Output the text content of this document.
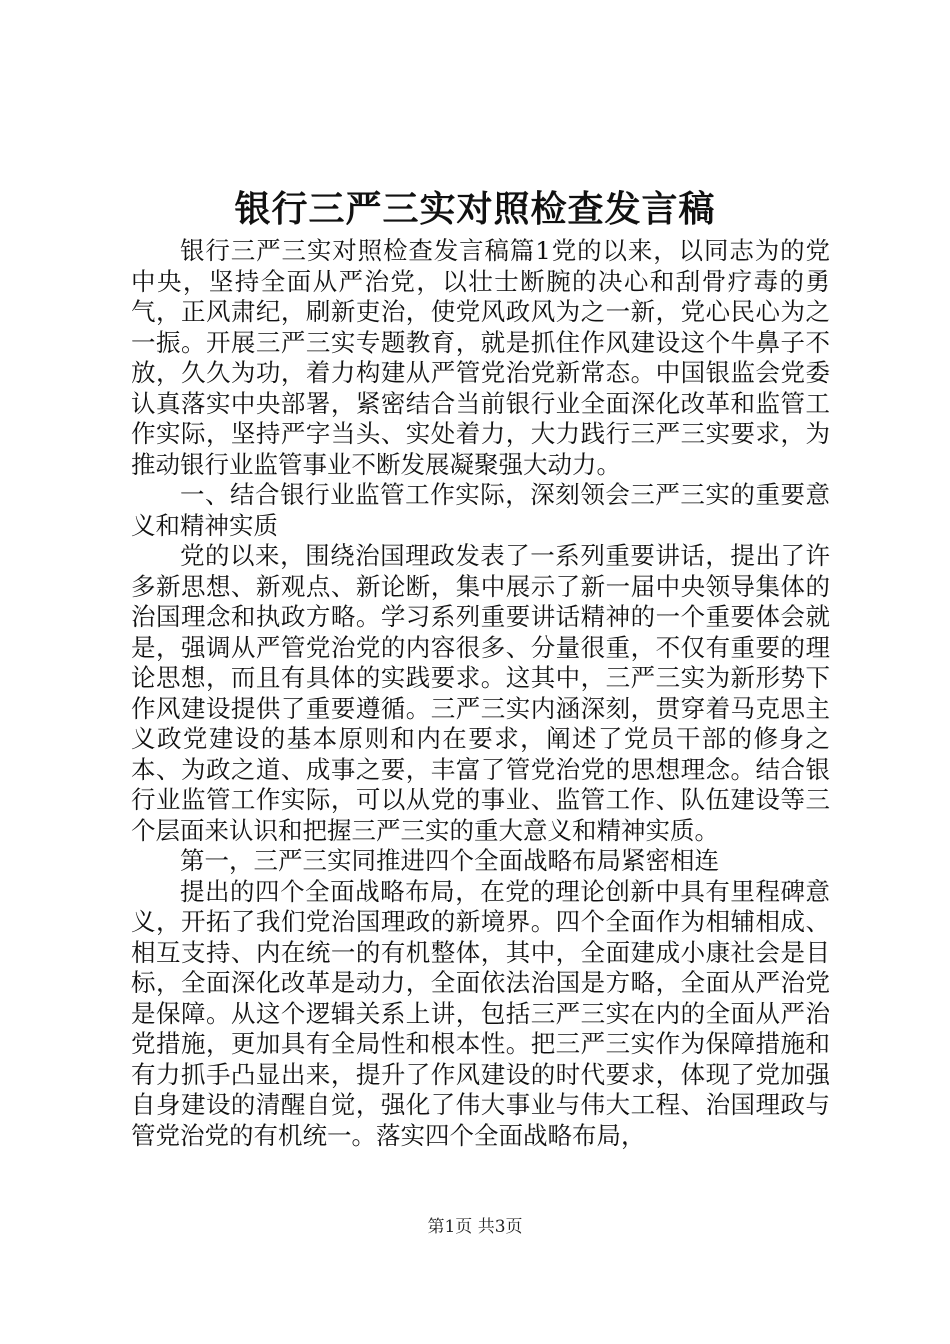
银行三严三实对照检查发言稿

银行三严三实对照检查发言稿篇1党的以来，以同志为的党中央，坚持全面从严治党，以壮士断腕的决心和刮骨疗毒的勇气，正风肃纪，刷新吏治，使党风政风为之一新，党心民心为之一振。开展三严三实专题教育，就是抓住作风建设这个牛鼻子不放，久久为功，着力构建从严管党治党新常态。中国银监会党委认真落实中央部署，紧密结合当前银行业全面深化改革和监管工作实际，坚持严字当头、实处着力，大力践行三严三实要求，为推动银行业监管事业不断发展凝聚强大动力。

一、结合银行业监管工作实际，深刻领会三严三实的重要意义和精神实质

党的以来，围绕治国理政发表了一系列重要讲话，提出了许多新思想、新观点、新论断，集中展示了新一届中央领导集体的治国理念和执政方略。学习系列重要讲话精神的一个重要体会就是，强调从严管党治党的内容很多、分量很重，不仅有重要的理论思想，而且有具体的实践要求。这其中，三严三实为新形势下作风建设提供了重要遵循。三严三实内涵深刻，贯穿着马克思主义政党建设的基本原则和内在要求，阐述了党员干部的修身之本、为政之道、成事之要，丰富了管党治党的思想理念。结合银行业监管工作实际，可以从党的事业、监管工作、队伍建设等三个层面来认识和把握三严三实的重大意义和精神实质。

第一，三严三实同推进四个全面战略布局紧密相连

提出的四个全面战略布局，在党的理论创新中具有里程碑意义，开拓了我们党治国理政的新境界。四个全面作为相辅相成、相互支持、内在统一的有机整体，其中，全面建成小康社会是目标，全面深化改革是动力，全面依法治国是方略，全面从严治党是保障。从这个逻辑关系上讲，包括三严三实在内的全面从严治党措施，更加具有全局性和根本性。把三严三实作为保障措施和有力抓手凸显出来，提升了作风建设的时代要求，体现了党加强自身建设的清醒自觉，强化了伟大事业与伟大工程、治国理政与管党治党的有机统一。落实四个全面战略布局，

第1页 共3页
